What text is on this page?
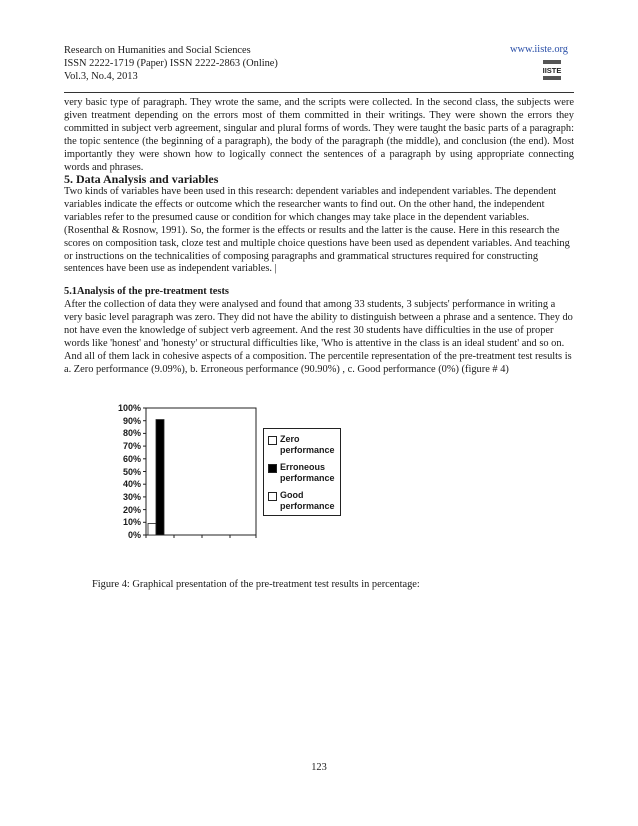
Research on Humanities and Social Sciences
ISSN 2222-1719 (Paper) ISSN 2222-2863 (Online)
Vol.3, No.4, 2013
www.iiste.org
IISTE

very basic type of paragraph. They wrote the same, and the scripts were collected. In the second class, the subjects were given treatment depending on the errors most of them committed in their writings. They were shown the errors they committed in subject verb agreement, singular and plural forms of words. They were taught the basic parts of a paragraph: the topic sentence (the beginning of a paragraph), the body of the paragraph (the middle), and conclusion (the end). Most importantly they were shown how to logically connect the sentences of a paragraph by using appropriate connecting words and phrases.

5. Data Analysis and variables

Two kinds of variables have been used in this research: dependent variables and independent variables. The dependent variables indicate the effects or outcome which the researcher wants to find out. On the other hand, the independent variables refer to the presumed cause or condition for which changes may take place in the dependent variables. (Rosenthal & Rosnow, 1991). So, the former is the effects or results and the latter is the cause. Here in this research the scores on composition task, cloze test and multiple choice questions have been used as dependent variables. And teaching or instructions on the technicalities of composing paragraphs and grammatical structures required for constructing sentences have been use as independent variables. |

5.1Analysis of the pre-treatment tests

After the collection of data they were analysed and found that among 33 students, 3 subjects' performance in writing a very basic level paragraph was zero. They did not have the ability to distinguish between a phrase and a sentence. They do not have even the knowledge of subject verb agreement. And the rest 30 students have difficulties in the use of proper words like 'honest' and 'honesty' or structural difficulties like, 'Who is attentive in the class is an ideal student' and so on. And all of them lack in cohesive aspects of a composition. The percentile representation of the pre-treatment test results is a. Zero performance (9.09%), b. Erroneous performance (90.90%) , c. Good performance (0%) (figure # 4)

0%
10%
20%
30%
40%
50%
60%
70%
80%
90%
100%
Zero performance
Erroneous performance
Good performance
Figure 4: Graphical presentation of the pre-treatment test results in percentage:
123
